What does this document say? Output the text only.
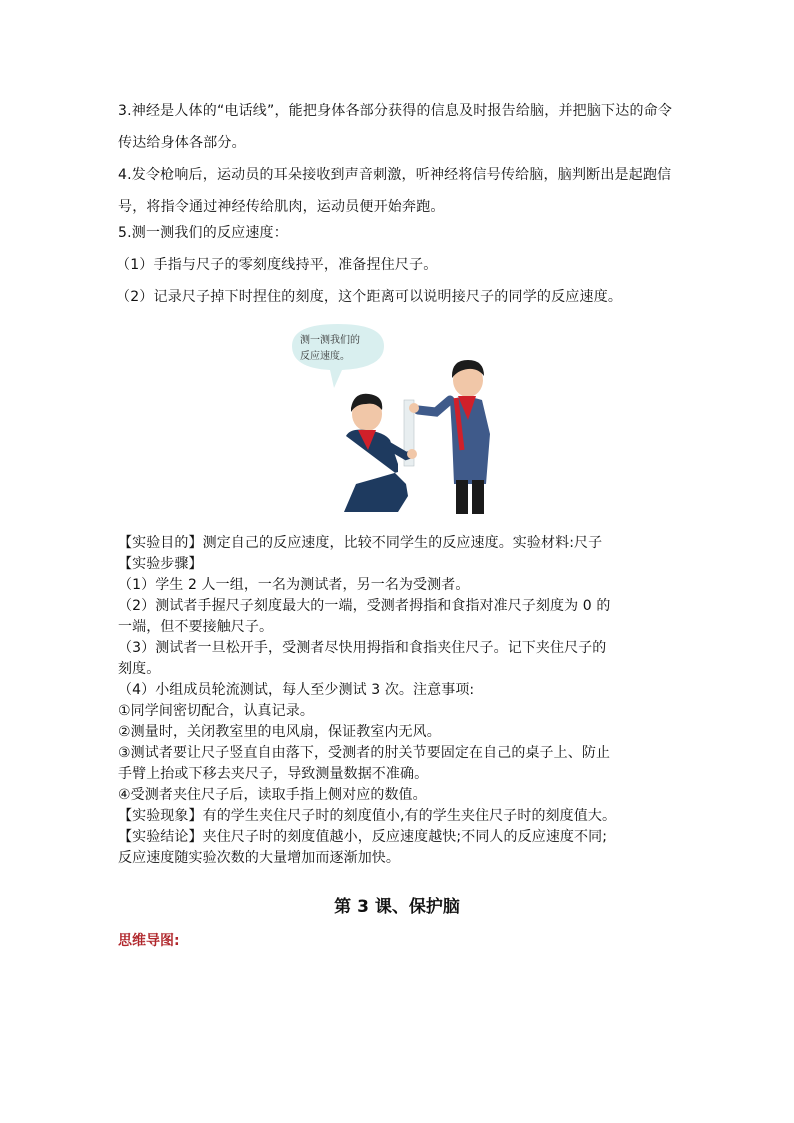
3.神经是人体的“电话线”，能把身体各部分获得的信息及时报告给脑，并把脑下达的命令传达给身体各部分。

4.发令枪响后，运动员的耳朵接收到声音刺激，听神经将信号传给脑，脑判断出是起跑信号，将指令通过神经传给肌肉，运动员便开始奔跑。

5.测一测我们的反应速度：

（1）手指与尺子的零刻度线持平，准备捏住尺子。

（2）记录尺子掉下时捏住的刻度，这个距离可以说明接尺子的同学的反应速度。

测一测我们的
反应速度。

【实验目的】测定自己的反应速度，比较不同学生的反应速度。实验材料:尺子

【实验步骤】

（1）学生 2 人一组，一名为测试者，另一名为受测者。

（2）测试者手握尺子刻度最大的一端，受测者拇指和食指对准尺子刻度为 0 的

一端，但不要接触尺子。

（3）测试者一旦松开手，受测者尽快用拇指和食指夹住尺子。记下夹住尺子的

刻度。

（4）小组成员轮流测试，每人至少测试 3 次。注意事项:

①同学间密切配合，认真记录。

②测量时，关闭教室里的电风扇，保证教室内无风。

③测试者要让尺子竖直自由落下，受测者的肘关节要固定在自己的桌子上、防止

手臂上抬或下移去夹尺子，导致测量数据不准确。

④受测者夹住尺子后，读取手指上侧对应的数值。

【实验现象】有的学生夹住尺子时的刻度值小,有的学生夹住尺子时的刻度值大。

【实验结论】夹住尺子时的刻度值越小，反应速度越快;不同人的反应速度不同;

反应速度随实验次数的大量增加而逐渐加快。

第 3 课、保护脑

思维导图:
